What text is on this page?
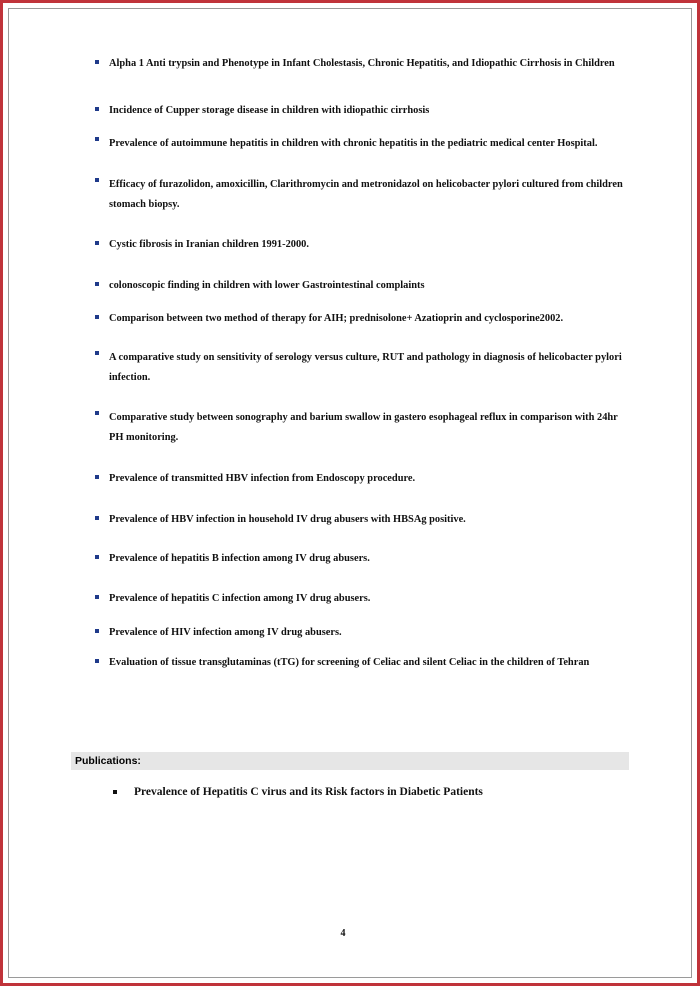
Alpha 1 Anti trypsin and Phenotype in Infant Cholestasis, Chronic Hepatitis, and Idiopathic Cirrhosis in Children
Incidence of Cupper storage disease in children with idiopathic cirrhosis
Prevalence of autoimmune hepatitis in children with chronic hepatitis in the pediatric medical center Hospital.
Efficacy of furazolidon, amoxicillin, Clarithromycin and metronidazol on helicobacter pylori cultured from children stomach biopsy.
Cystic fibrosis in Iranian children 1991-2000.
colonoscopic finding in children with lower Gastrointestinal complaints
Comparison between two method of therapy for AIH; prednisolone+ Azatioprin and cyclosporine2002.
A comparative study on sensitivity of serology versus culture, RUT and pathology in diagnosis of helicobacter pylori infection.
Comparative study between sonography and barium swallow in gastero esophageal reflux in comparison with 24hr PH monitoring.
Prevalence of transmitted HBV infection from Endoscopy procedure.
Prevalence of HBV infection in household IV drug abusers with HBSAg positive.
Prevalence of hepatitis B infection among IV drug abusers.
Prevalence of hepatitis C infection among IV drug abusers.
Prevalence of HIV infection among IV drug abusers.
Evaluation of tissue transglutaminas (tTG) for screening of Celiac and silent Celiac in the children of Tehran
Publications:
Prevalence of Hepatitis C virus and its Risk factors in Diabetic Patients
4
